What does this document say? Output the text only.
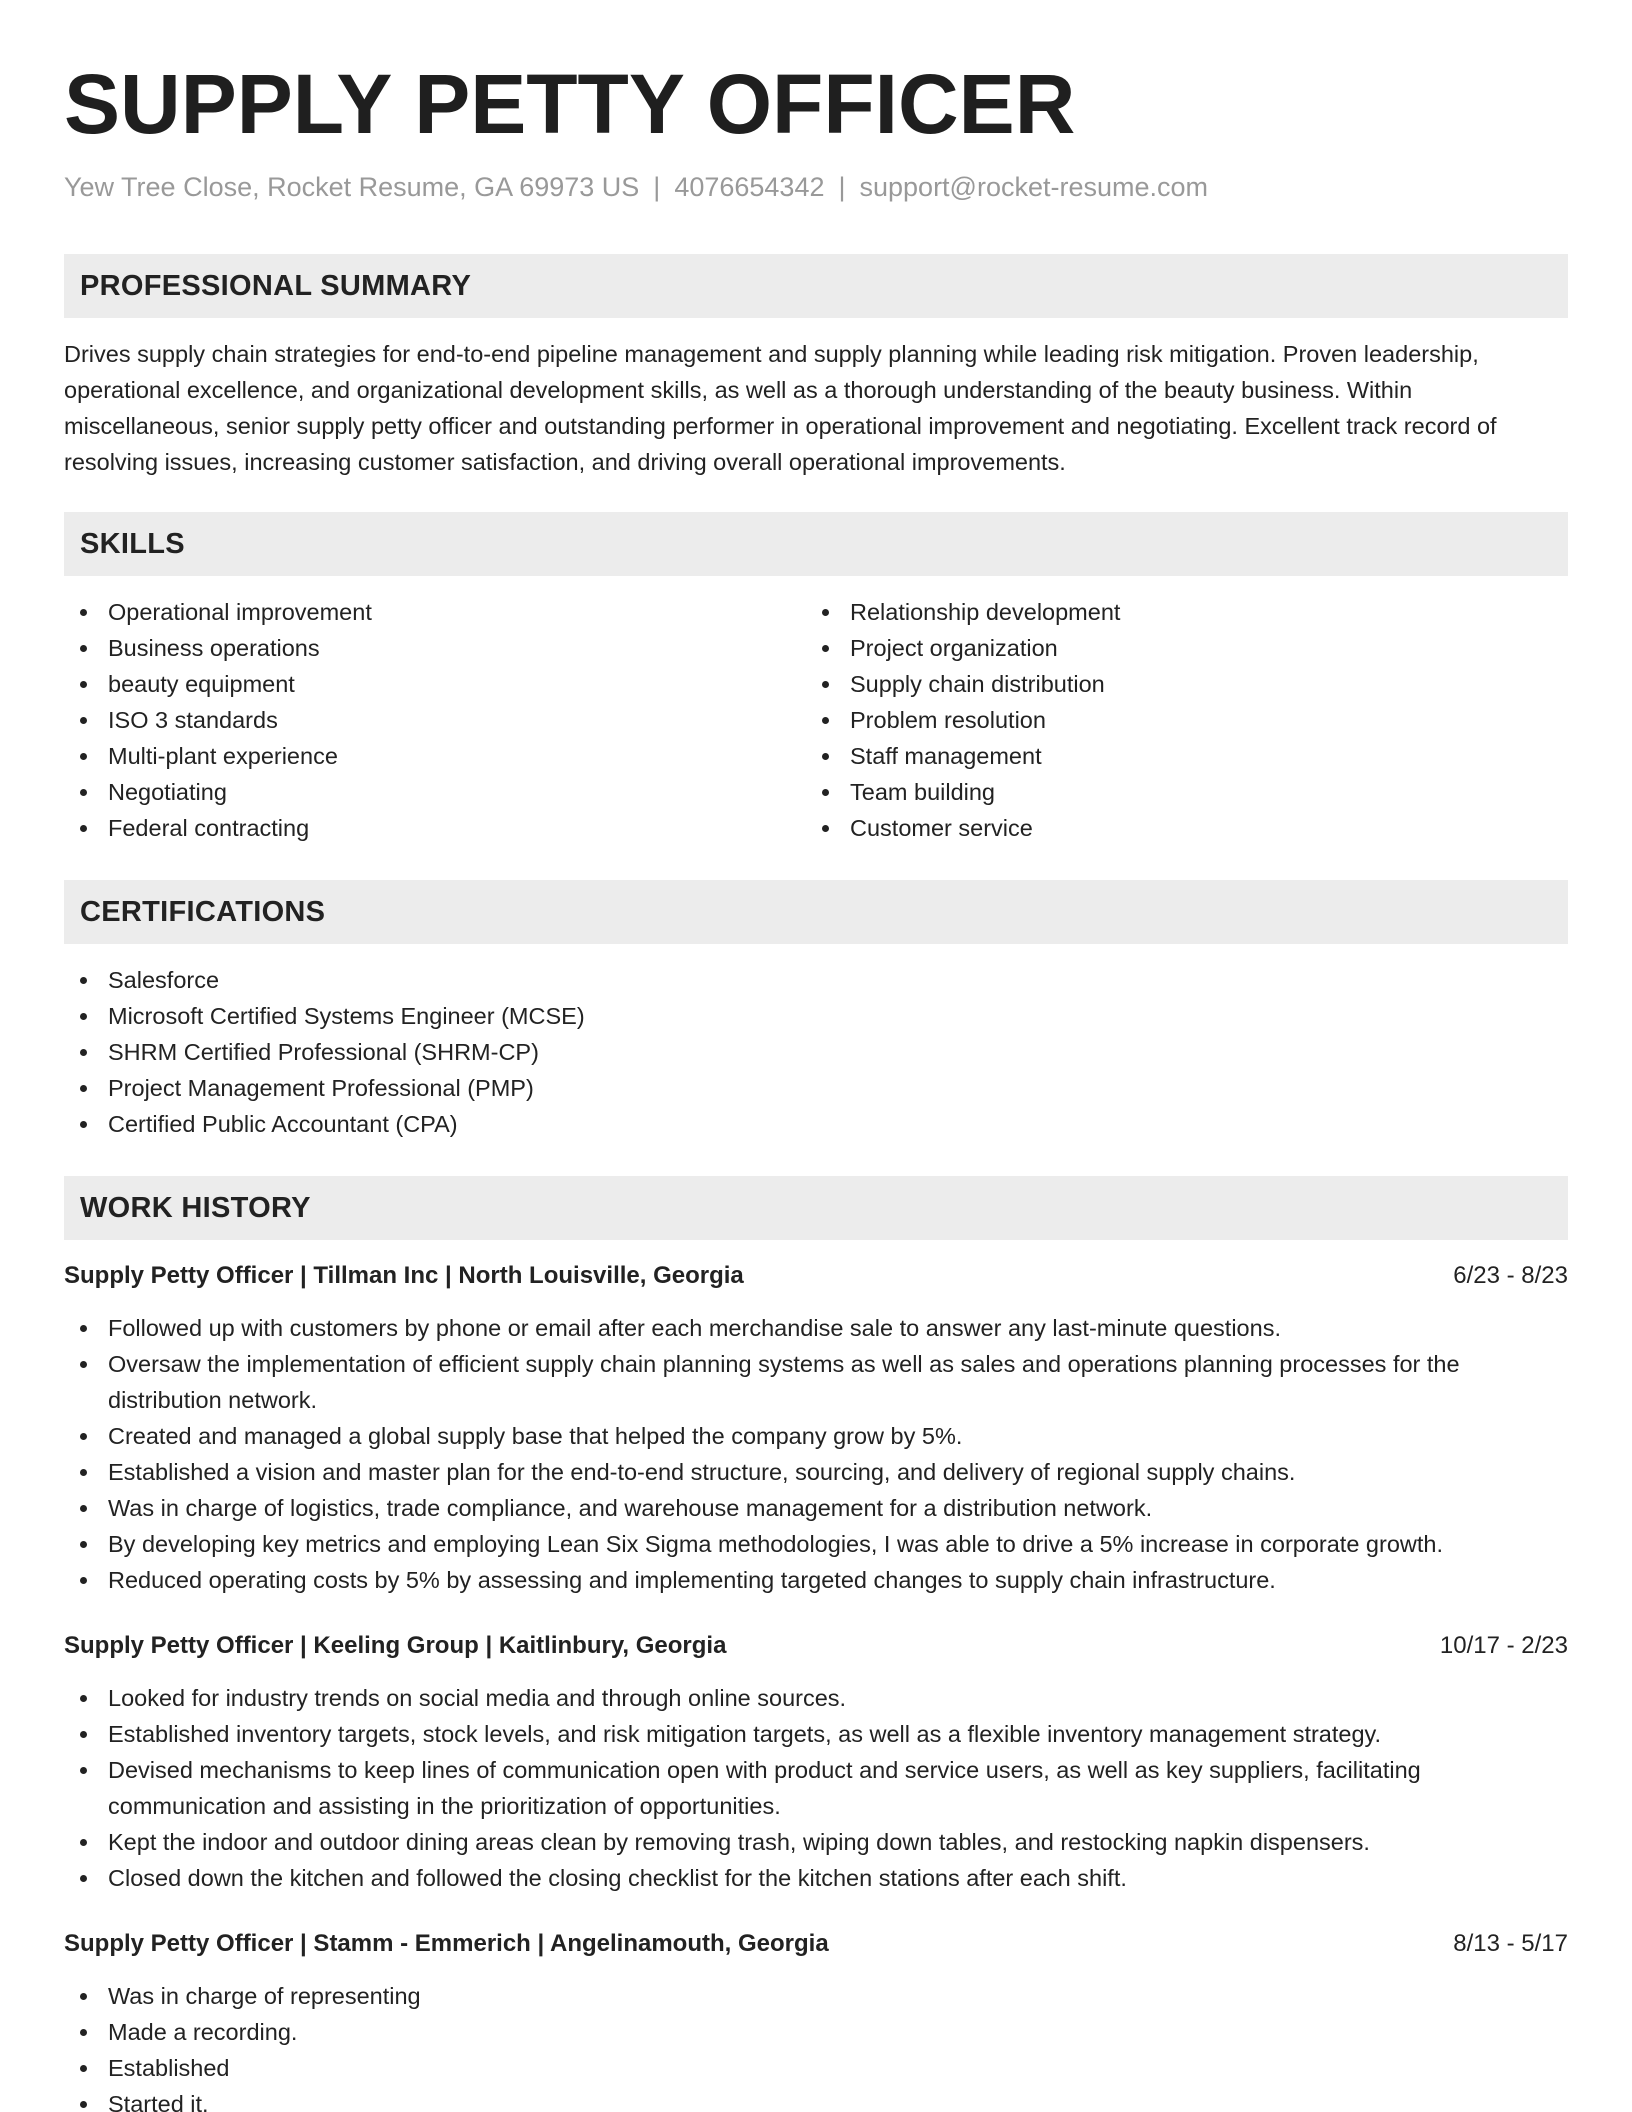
SUPPLY PETTY OFFICER
Yew Tree Close, Rocket Resume, GA 69973 US | 4076654342 | support@rocket-resume.com
PROFESSIONAL SUMMARY

Drives supply chain strategies for end-to-end pipeline management and supply planning while leading risk mitigation. Proven leadership, operational excellence, and organizational development skills, as well as a thorough understanding of the beauty business. Within miscellaneous, senior supply petty officer and outstanding performer in operational improvement and negotiating. Excellent track record of resolving issues, increasing customer satisfaction, and driving overall operational improvements.

SKILLS
Operational improvement
Business operations
beauty equipment
ISO 3 standards
Multi-plant experience
Negotiating
Federal contracting
Relationship development
Project organization
Supply chain distribution
Problem resolution
Staff management
Team building
Customer service
CERTIFICATIONS
Salesforce
Microsoft Certified Systems Engineer (MCSE)
SHRM Certified Professional (SHRM-CP)
Project Management Professional (PMP)
Certified Public Accountant (CPA)
WORK HISTORY
Supply Petty Officer | Tillman Inc | North Louisville, Georgia	6/23 - 8/23
Followed up with customers by phone or email after each merchandise sale to answer any last-minute questions.
Oversaw the implementation of efficient supply chain planning systems as well as sales and operations planning processes for the distribution network.
Created and managed a global supply base that helped the company grow by 5%.
Established a vision and master plan for the end-to-end structure, sourcing, and delivery of regional supply chains.
Was in charge of logistics, trade compliance, and warehouse management for a distribution network.
By developing key metrics and employing Lean Six Sigma methodologies, I was able to drive a 5% increase in corporate growth.
Reduced operating costs by 5% by assessing and implementing targeted changes to supply chain infrastructure.
Supply Petty Officer | Keeling Group | Kaitlinbury, Georgia	10/17 - 2/23
Looked for industry trends on social media and through online sources.
Established inventory targets, stock levels, and risk mitigation targets, as well as a flexible inventory management strategy.
Devised mechanisms to keep lines of communication open with product and service users, as well as key suppliers, facilitating communication and assisting in the prioritization of opportunities.
Kept the indoor and outdoor dining areas clean by removing trash, wiping down tables, and restocking napkin dispensers.
Closed down the kitchen and followed the closing checklist for the kitchen stations after each shift.
Supply Petty Officer | Stamm - Emmerich | Angelinamouth, Georgia	8/13 - 5/17
Was in charge of representing
Made a recording.
Established
Started it.
